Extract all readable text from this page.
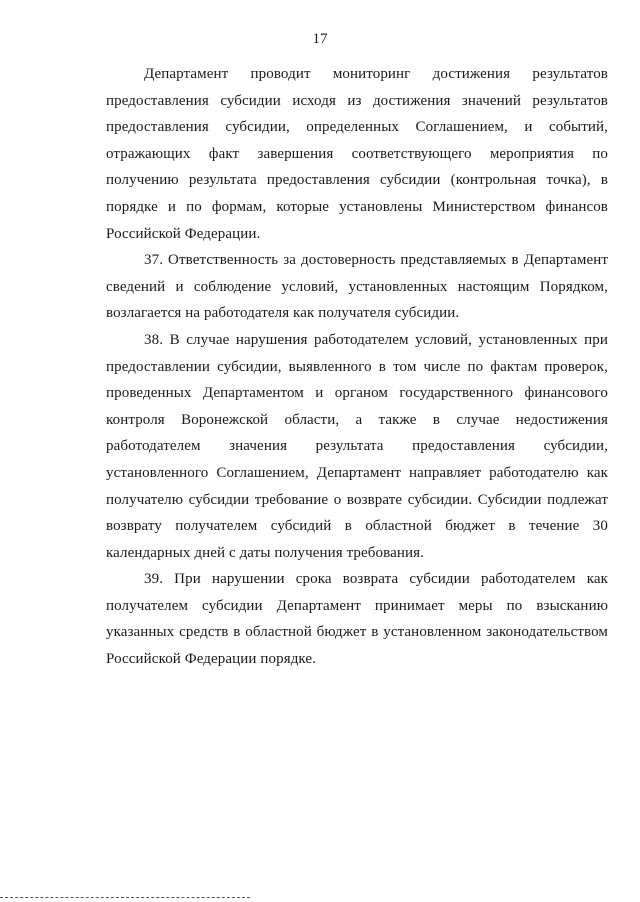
17

Департамент проводит мониторинг достижения результатов предоставления субсидии исходя из достижения значений результатов предоставления субсидии, определенных Соглашением, и событий, отражающих факт завершения соответствующего мероприятия по получению результата предоставления субсидии (контрольная точка), в порядке и по формам, которые установлены Министерством финансов Российской Федерации.

37. Ответственность за достоверность представляемых в Департамент сведений и соблюдение условий, установленных настоящим Порядком, возлагается на работодателя как получателя субсидии.

38. В случае нарушения работодателем условий, установленных при предоставлении субсидии, выявленного в том числе по фактам проверок, проведенных Департаментом и органом государственного финансового контроля Воронежской области, а также в случае недостижения работодателем значения результата предоставления субсидии, установленного Соглашением, Департамент направляет работодателю как получателю субсидии требование о возврате субсидии. Субсидии подлежат возврату получателем субсидий в областной бюджет в течение 30 календарных дней с даты получения требования.

39. При нарушении срока возврата субсидии работодателем как получателем субсидии Департамент принимает меры по взысканию указанных средств в областной бюджет в установленном законодательством Российской Федерации порядке.
